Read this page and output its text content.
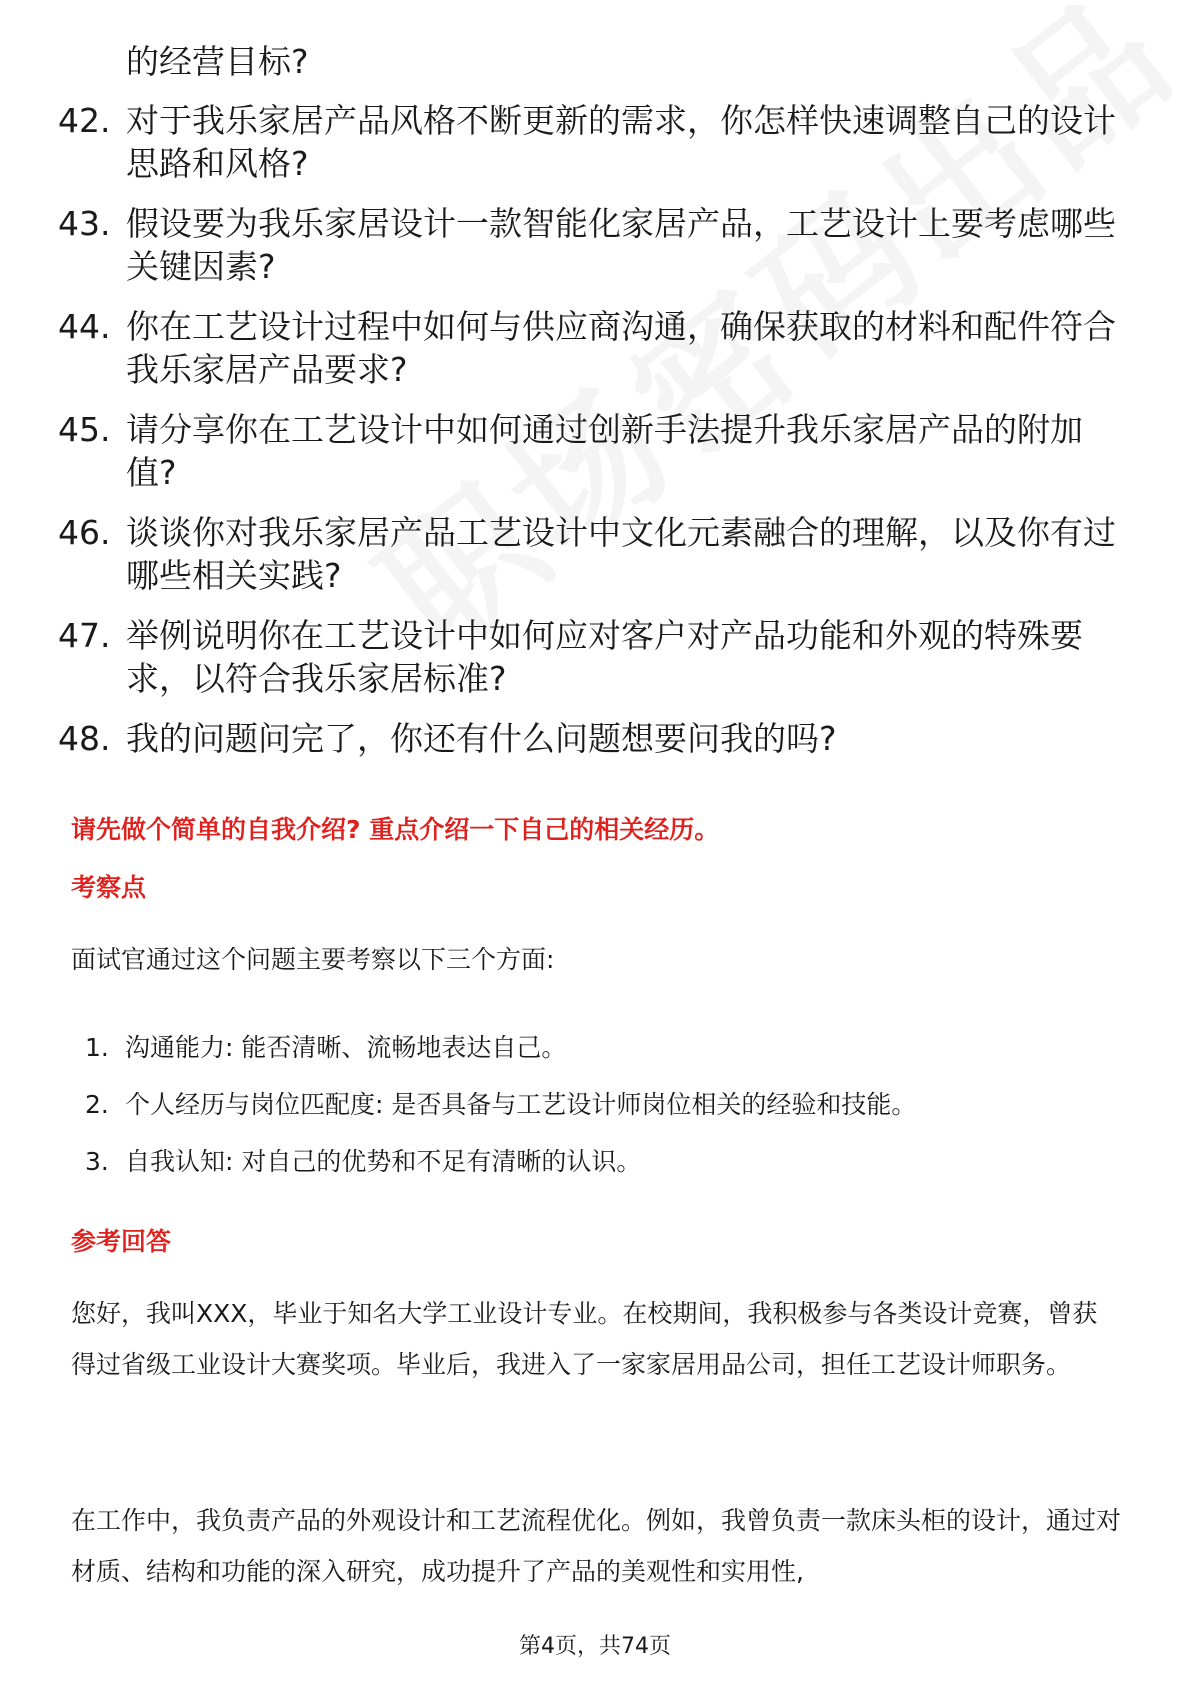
的经营目标?

42. 对于我乐家居产品风格不断更新的需求，你怎样快速调整自己的设计思路和风格?

43. 假设要为我乐家居设计一款智能化家居产品，工艺设计上要考虑哪些关键因素?

44. 你在工艺设计过程中如何与供应商沟通，确保获取的材料和配件符合我乐家居产品要求?

45. 请分享你在工艺设计中如何通过创新手法提升我乐家居产品的附加值?

46. 谈谈你对我乐家居产品工艺设计中文化元素融合的理解，以及你有过哪些相关实践?

47. 举例说明你在工艺设计中如何应对客户对产品功能和外观的特殊要求，以符合我乐家居标准?

48. 我的问题问完了，你还有什么问题想要问我的吗?

请先做个简单的自我介绍? 重点介绍一下自己的相关经历。

考察点

面试官通过这个问题主要考察以下三个方面:

1. 沟通能力: 能否清晰、流畅地表达自己。
2. 个人经历与岗位匹配度: 是否具备与工艺设计师岗位相关的经验和技能。
3. 自我认知: 对自己的优势和不足有清晰的认识。

参考回答

您好，我叫XXX，毕业于知名大学工业设计专业。在校期间，我积极参与各类设计竞赛，曾获得过省级工业设计大赛奖项。毕业后，我进入了一家家居用品公司，担任工艺设计师职务。

在工作中，我负责产品的外观设计和工艺流程优化。例如，我曾负责一款床头柜的设计，通过对材质、结构和功能的深入研究，成功提升了产品的美观性和实用性,

第4页，共74页
